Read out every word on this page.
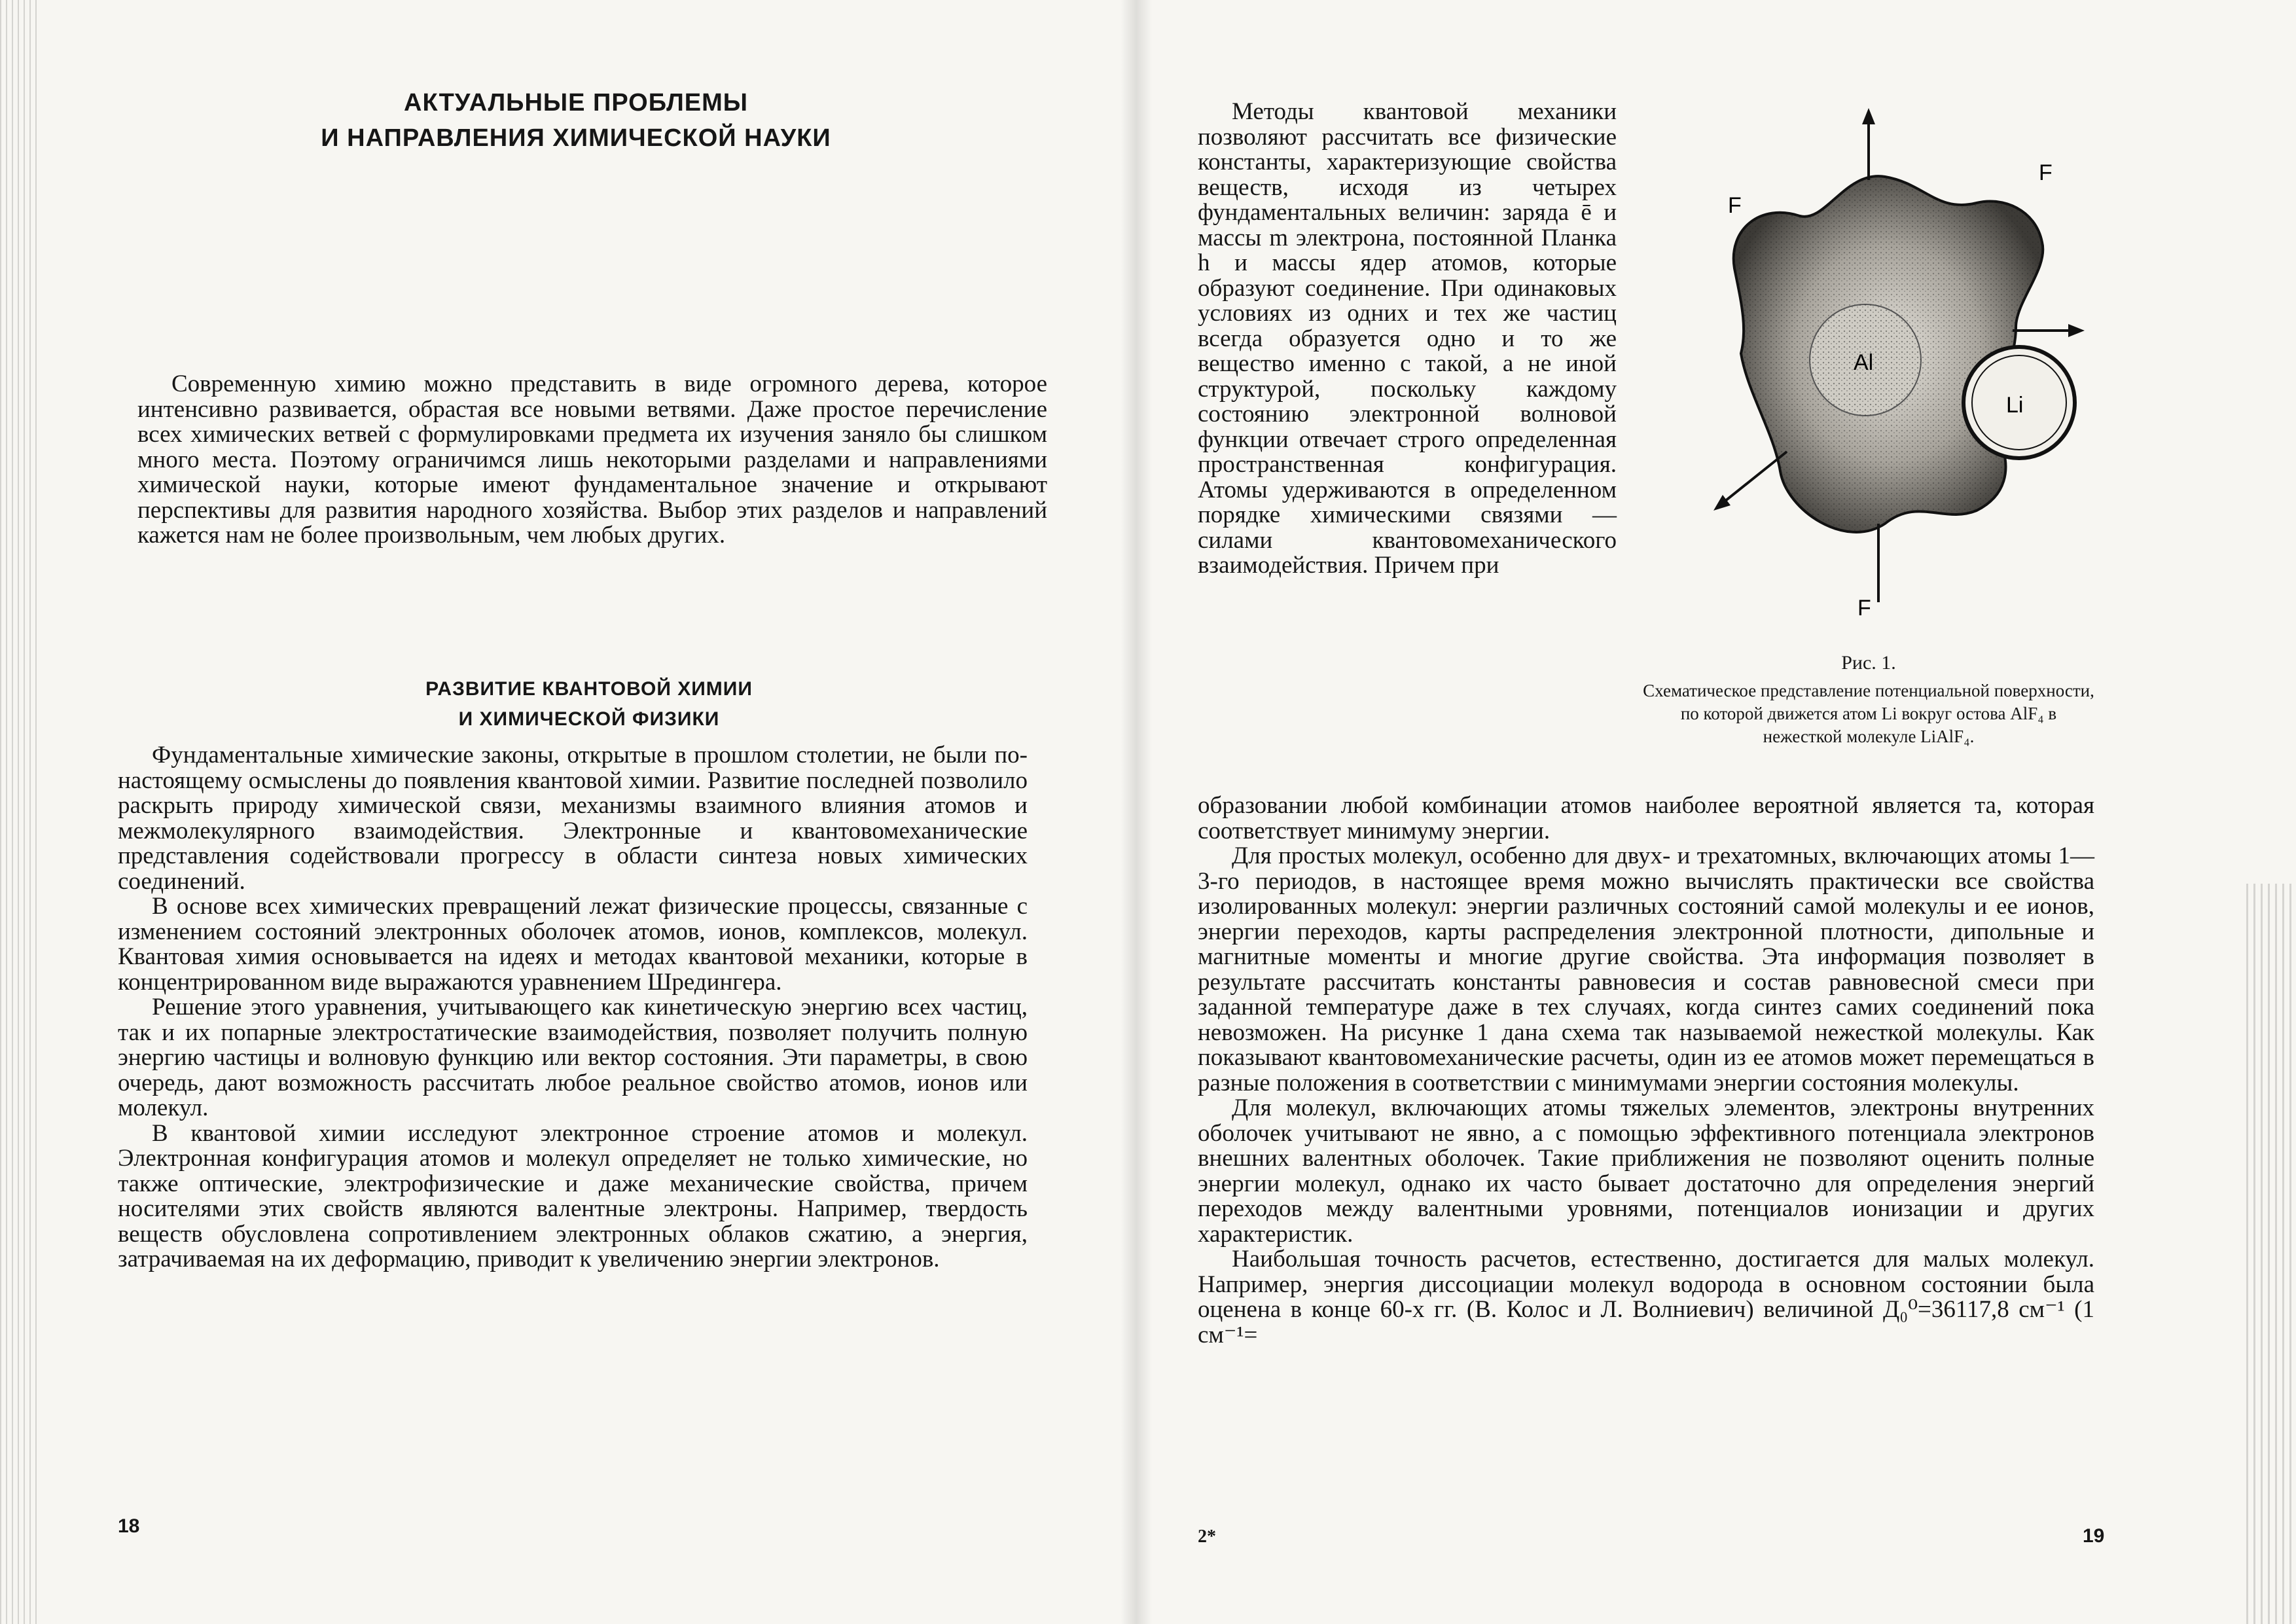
АКТУАЛЬНЫЕ ПРОБЛЕМЫ
И НАПРАВЛЕНИЯ ХИМИЧЕСКОЙ НАУКИ

Современную химию можно представить в виде огромного дерева, которое интенсивно развивается, обрастая все новыми ветвями. Даже простое перечисление всех химических ветвей с формулировками предмета их изучения заняло бы слишком много места. Поэтому ограничимся лишь некоторыми разделами и направлениями химической науки, которые имеют фундаментальное значение и открывают перспективы для развития народного хозяйства. Выбор этих разделов и направлений кажется нам не более произвольным, чем любых других.

РАЗВИТИЕ КВАНТОВОЙ ХИМИИ
И ХИМИЧЕСКОЙ ФИЗИКИ

Фундаментальные химические законы, открытые в прошлом столетии, не были по-настоящему осмыслены до появления квантовой химии. Развитие последней позволило раскрыть природу химической связи, механизмы взаимного влияния атомов и межмолекулярного взаимодействия. Электронные и квантовомеханические представления содействовали прогрессу в области синтеза новых химических соединений.

В основе всех химических превращений лежат физические процессы, связанные с изменением состояний электронных оболочек атомов, ионов, комплексов, молекул. Квантовая химия основывается на идеях и методах квантовой механики, которые в концентрированном виде выражаются уравнением Шредингера.

Решение этого уравнения, учитывающего как кинетическую энергию всех частиц, так и их попарные электростатические взаимодействия, позволяет получить полную энергию частицы и волновую функцию или вектор состояния. Эти параметры, в свою очередь, дают возможность рассчитать любое реальное свойство атомов, ионов или молекул.

В квантовой химии исследуют электронное строение атомов и молекул. Электронная конфигурация атомов и молекул определяет не только химические, но также оптические, электрофизические и даже механические свойства, причем носителями этих свойств являются валентные электроны. Например, твердость веществ обусловлена сопротивлением электронных облаков сжатию, а энергия, затрачиваемая на их деформацию, приводит к увеличению энергии электронов.

18

Методы квантовой механики позволяют рассчитать все физические константы, характеризующие свойства веществ, исходя из четырех фундаментальных величин: заряда ē и массы m электрона, постоянной Планка h и массы ядер атомов, которые образуют соединение. При одинаковых условиях из одних и тех же частиц всегда образуется одно и то же вещество именно с такой, а не иной структурой, поскольку каждому состоянию электронной волновой функции отвечает строго определенная пространственная конфигурация. Атомы удерживаются в определенном порядке химическими связями — силами квантовомеханического взаимодействия. Причем при

Al
Li
F
F
F
Рис. 1.
Схематическое представление потенциальной поверхности, по которой движется атом Li вокруг остова AlF₄ в нежесткой молекуле LiAlF₄.

образовании любой комбинации атомов наиболее вероятной является та, которая соответствует минимуму энергии.

Для простых молекул, особенно для двух- и трехатомных, включающих атомы 1—3-го периодов, в настоящее время можно вычислять практически все свойства изолированных молекул: энергии различных состояний самой молекулы и ее ионов, энергии переходов, карты распределения электронной плотности, дипольные и магнитные моменты и многие другие свойства. Эта информация позволяет в результате рассчитать константы равновесия и состав равновесной смеси при заданной температуре даже в тех случаях, когда синтез самих соединений пока невозможен. На рисунке 1 дана схема так называемой нежесткой молекулы. Как показывают квантовомеханические расчеты, один из ее атомов может перемещаться в разные положения в соответствии с минимумами энергии состояния молекулы.

Для молекул, включающих атомы тяжелых элементов, электроны внутренних оболочек учитывают не явно, а с помощью эффективного потенциала электронов внешних валентных оболочек. Такие приближения не позволяют оценить полные энергии молекул, однако их часто бывает достаточно для определения энергий переходов между валентными уровнями, потенциалов ионизации и других характеристик.

Наибольшая точность расчетов, естественно, достигается для малых молекул. Например, энергия диссоциации молекул водорода в основном состоянии была оценена в конце 60-х гг. (В. Колос и Л. Волниевич) величиной Д₀⁰=36117,8 см⁻¹ (1 см⁻¹=

2*	19
